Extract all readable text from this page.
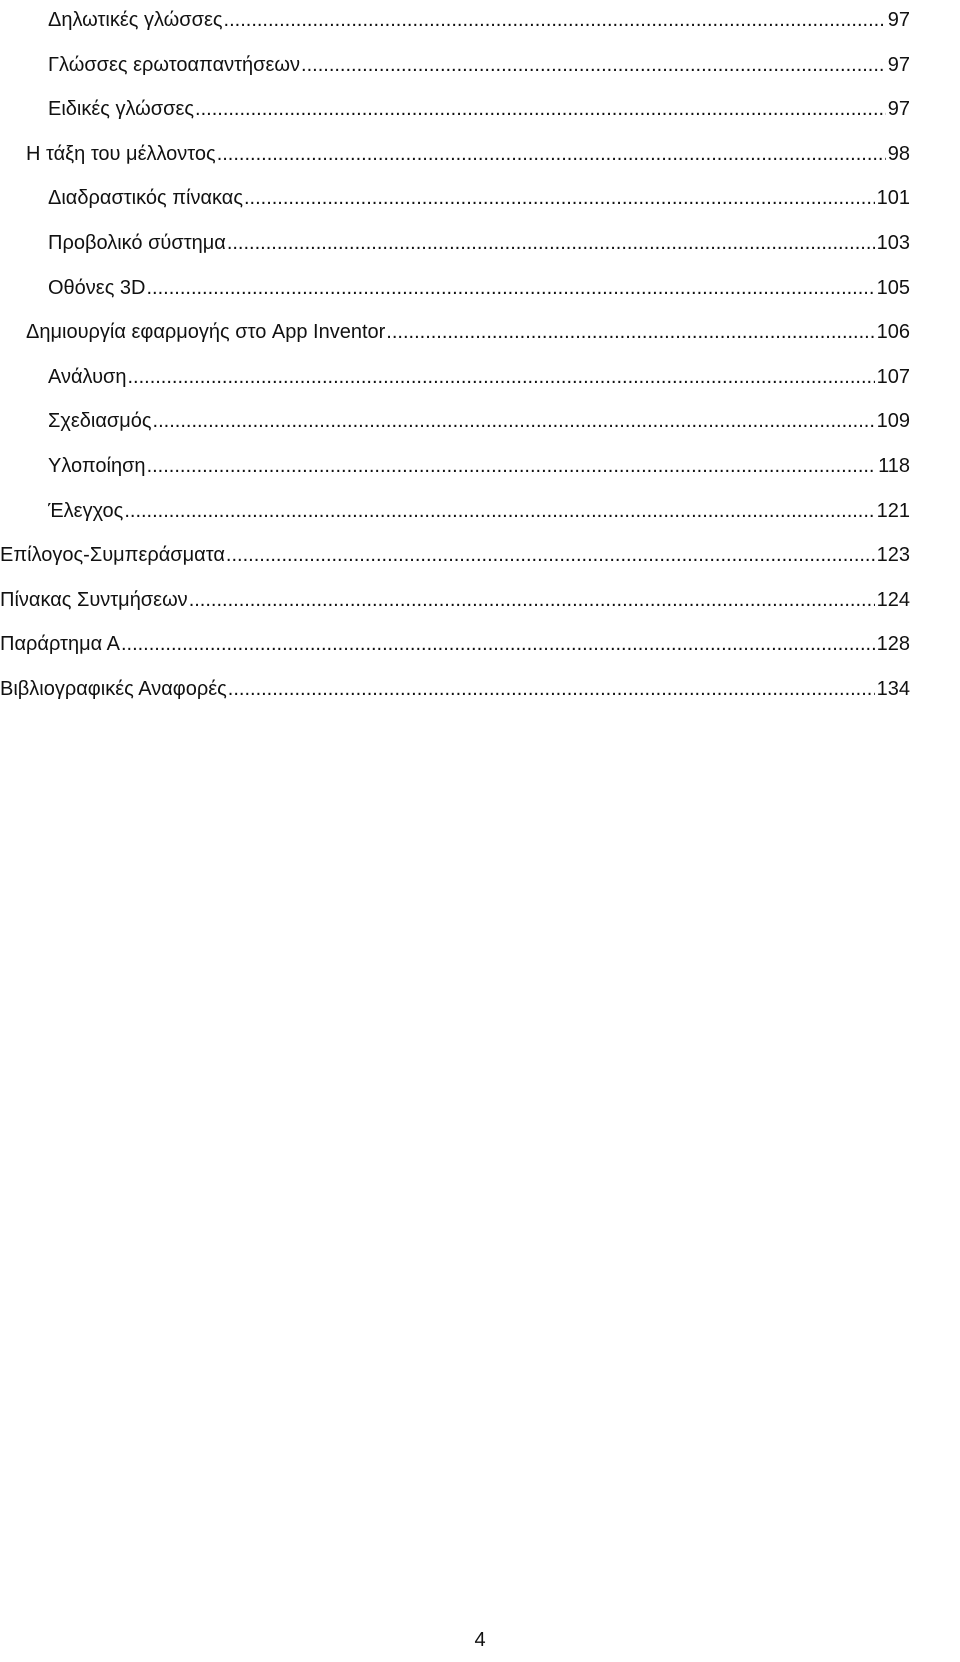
Δηλωτικές γλώσσες .....	97
Γλώσσες ερωτοαπαντήσεων .....	97
Ειδικές γλώσσες .....	97
Η τάξη του μέλλοντος .....	98
Διαδραστικός πίνακας .....	101
Προβολικό σύστημα .....	103
Οθόνες 3D .....	105
Δημιουργία εφαρμογής στο App Inventor .....	106
Ανάλυση .....	107
Σχεδιασμός .....	109
Υλοποίηση .....	118
Έλεγχος .....	121
Επίλογος-Συμπεράσματα .....	123
Πίνακας Συντμήσεων .....	124
Παράρτημα Α .....	128
Βιβλιογραφικές Αναφορές .....	134
4
